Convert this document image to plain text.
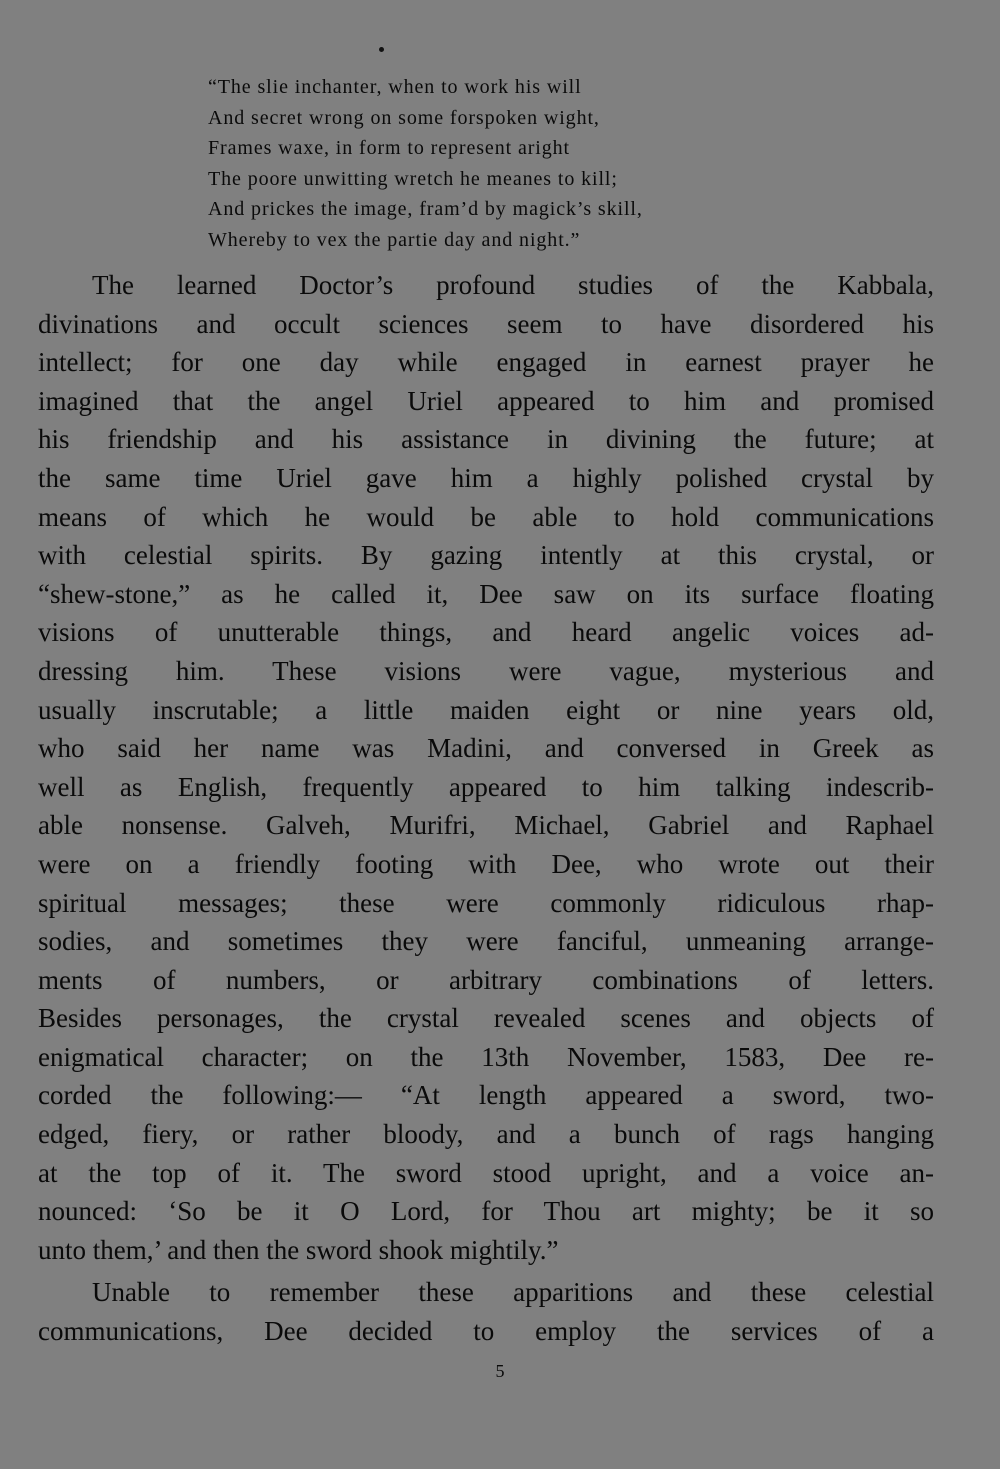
“The slie inchanter, when to work his will
And secret wrong on some forspoken wight,
Frames waxe, in form to represent aright
The poore unwitting wretch he meanes to kill;
And prickes the image, fram’d by magick’s skill,
Whereby to vex the partie day and night.”
The learned Doctor’s profound studies of the Kabbala,
divinations and occult sciences seem to have disordered his
intellect; for one day while engaged in earnest prayer he
imagined that the angel Uriel appeared to him and promised
his friendship and his assistance in divining the future; at
the same time Uriel gave him a highly polished crystal by
means of which he would be able to hold communications
with celestial spirits. By gazing intently at this crystal, or
“shew-stone,” as he called it, Dee saw on its surface floating
visions of unutterable things, and heard angelic voices ad-
dressing him. These visions were vague, mysterious and
usually inscrutable; a little maiden eight or nine years old,
who said her name was Madini, and conversed in Greek as
well as English, frequently appeared to him talking indescrib-
able nonsense. Galveh, Murifri, Michael, Gabriel and Raphael
were on a friendly footing with Dee, who wrote out their
spiritual messages; these were commonly ridiculous rhap-
sodies, and sometimes they were fanciful, unmeaning arrange-
ments of numbers, or arbitrary combinations of letters.
Besides personages, the crystal revealed scenes and objects of
enigmatical character; on the 13th November, 1583, Dee re-
corded the following:— “At length appeared a sword, two-
edged, fiery, or rather bloody, and a bunch of rags hanging
at the top of it. The sword stood upright, and a voice an-
nounced: ‘So be it O Lord, for Thou art mighty; be it so
unto them,’ and then the sword shook mightily.”
Unable to remember these apparitions and these celestial
communications, Dee decided to employ the services of a
5
